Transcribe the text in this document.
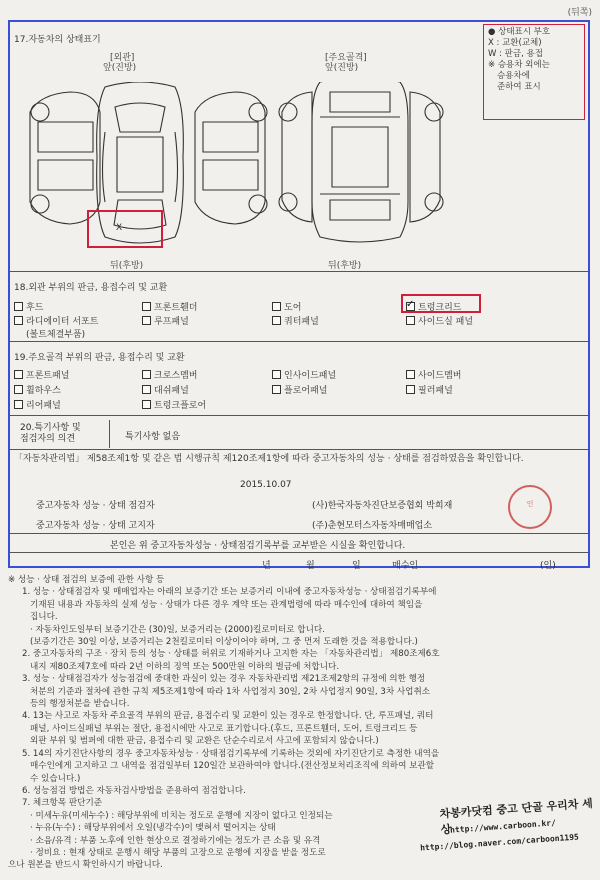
(뒤쪽)
17.자동차의 상태표기
[외관]
앞(진방)
[주요골격]
앞(진방)
● 상태표시 부호
X : 교환(교체)
W : 판금, 용접
※ 승용차 외에는
승용차에
준하여 표시
X
뒤(후방)	뒤(후방)
18.외관 부위의 판금, 용접수리 및 교환
후드	프론트휀더	도어
✓	트렁크리드
라디에이터 서포트
(볼트체결부품)
루프패널	쿼터패널	사이드실 패널
19.주요골격 부위의 판금, 용접수리 및 교환
프론트패널	크로스멤버	인사이드패널	사이드멤버
휠하우스	대쉬패널	플로어패널	필러패널
리어패널	트렁크플로어
20.특기사항 및
점검자의 의견	특기사항 없음
「자동차관리법」 제58조제1항 및 같은 법 시행규칙 제120조제1항에 따라 중고자동차의 성능 · 상태를 점검하였음을 확인합니다.
2015.10.07
중고자동차 성능 · 상태 점검자	(사)한국자동차진단보증협회 박희재
중고자동차 성능 · 상태 고지자	(주)춘현모터스자동차매매업소
인
본인은 위 중고자동차성능 · 상태점검기록부를 교부받은 시실을 확인합니다.
년	월	일	매수인	(인)

※ 성능 · 상태 점검의 보증에 관한 사항 등

1. 성능 · 상태점검자 및 매매업자는 아래의 보증기간 또는 보증거리 이내에 중고자동차성능 · 상태점검기록부에

기재된 내용과 자동차의 실제 성능 · 상태가 다른 경우 계약 또는 관계법령에 따라 매수인에 대하여 책임을

집니다.

· 자동차인도일부터 보증기간은 (30)일, 보증거리는 (2000)킬로미터로 합니다.

(보증기간은 30일 이상, 보증거리는 2천킬로미터 이상이어야 하며, 그 중 먼저 도래한 것을 적용합니다.)

2. 중고자동차의 구조 · 장치 등의 성능 · 상태를 허위로 기재하거나 고지한 자는 「자동차관리법」 제80조제6호

내지 제80조제7호에 따라 2년 이하의 징역 또는 500만원 이하의 벌금에 처합니다.

3. 성능 · 상태점검자가 성능점검에 중대한 과실이 있는 경우 자동차관리법 제21조제2항의 규정에 의한 행정

처분의 기준과 절차에 관한 규칙 제5조제1항에 따라 1차 사업정지 30일, 2차 사업정지 90일, 3차 사업취소

등의 행정처분을 받습니다.

4. 13는 사고로 자동차 주요골격 부위의 판금, 용접수리 및 교환이 있는 경우로 한정합니다. 단, 루프패널, 쿼터

패널, 사이드실패널 부위는 절단, 용접시에만 사고로 표기합니다.(후드, 프론트휀더, 도어, 트렁크리드 등

외판 부위 및 범퍼에 대한 판금, 용접수리 및 교환은 단순수리로서 사고에 포함되지 않습니다.)

5. 14의 자기진단사항의 경우 중고자동차성능 · 상태점검기록부에 기록하는 것외에 자기진단기로 측정한 내역을

매수인에게 고지하고 그 내역을 점검일부터 120일간 보관하여야 합니다.(전산정보처리조직에 의하여 보관할

수 있습니다.)

6. 성능점검 방법은 자동차검사방법을 준용하여 점검합니다.

7. 체크항목 판단기준

· 미세누유(미세누수) : 해당부위에 비치는 정도로 운행에 지장이 없다고 인정되는

· 누유(누수) : 해당부위에서 오일(냉각수)이 맺혀서 떨어지는 상태

· 소음/유격 : 부품 노후에 인한 현상으로 결정하기에는 정도가 큰 소음 및 유격

· 정비요 : 현재 상태로 운행시 해당 부품의 고장으로 운행에 지장을 받을 정도로

으나 원본을 반드시 확인하시기 바랍니다.

차봉카닷컴 중고 단골 우리차 세상
http://www.carboon.kr/
http://blog.naver.com/carboon1195
